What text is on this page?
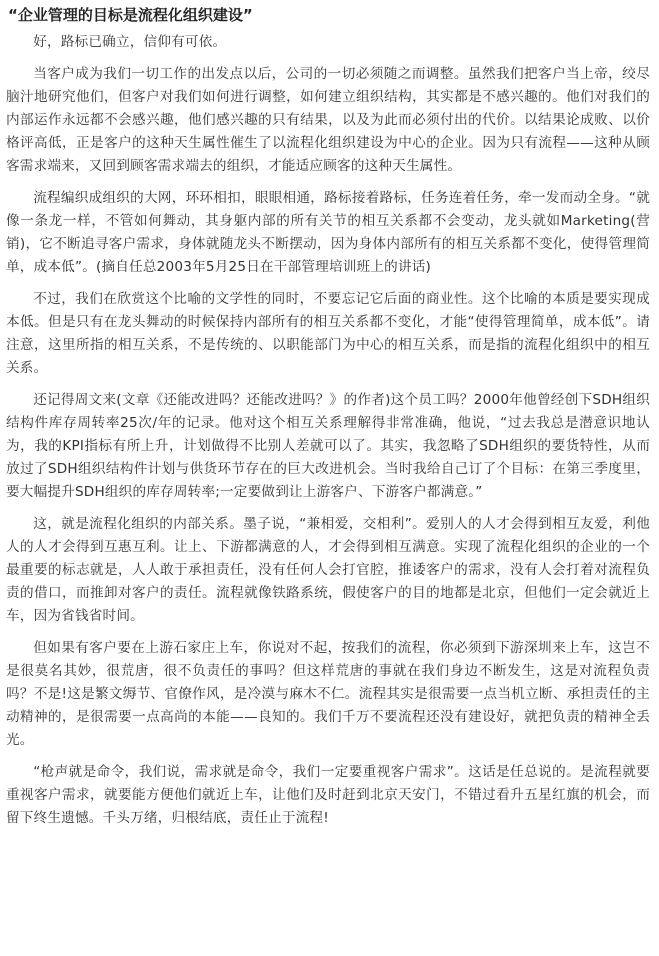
“企业管理的目标是流程化组织建设”

好，路标已确立，信仰有可依。

当客户成为我们一切工作的出发点以后，公司的一切必须随之而调整。虽然我们把客户当上帝，绞尽脑汁地研究他们，但客户对我们如何进行调整，如何建立组织结构，其实都是不感兴趣的。他们对我们的内部运作永远都不会感兴趣，他们感兴趣的只有结果，以及为此而必须付出的代价。以结果论成败、以价格评高低，正是客户的这种天生属性催生了以流程化组织建设为中心的企业。因为只有流程——这种从顾客需求端来，又回到顾客需求端去的组织，才能适应顾客的这种天生属性。

流程编织成组织的大网，环环相扣，眼眼相通，路标接着路标，任务连着任务，牵一发而动全身。“就像一条龙一样，不管如何舞动，其身躯内部的所有关节的相互关系都不会变动，龙头就如Marketing(营销)，它不断追寻客户需求，身体就随龙头不断摆动，因为身体内部所有的相互关系都不变化，使得管理简单，成本低”。(摘自任总2003年5月25日在干部管理培训班上的讲话)

不过，我们在欣赏这个比喻的文学性的同时，不要忘记它后面的商业性。这个比喻的本质是要实现成本低。但是只有在龙头舞动的时候保持内部所有的相互关系都不变化，才能“使得管理简单，成本低”。请注意，这里所指的相互关系，不是传统的、以职能部门为中心的相互关系，而是指的流程化组织中的相互关系。

还记得周文来(文章《还能改进吗？还能改进吗？》的作者)这个员工吗？2000年他曾经创下SDH组织结构件库存周转率25次/年的记录。他对这个相互关系理解得非常准确，他说，“过去我总是潜意识地认为，我的KPI指标有所上升，计划做得不比别人差就可以了。其实，我忽略了SDH组织的要货特性，从而放过了SDH组织结构件计划与供货环节存在的巨大改进机会。当时我给自己订了个目标：在第三季度里，要大幅提升SDH组织的库存周转率;一定要做到让上游客户、下游客户都满意。”

这，就是流程化组织的内部关系。墨子说，“兼相爱，交相利”。爱别人的人才会得到相互友爱，利他人的人才会得到互惠互利。让上、下游都满意的人，才会得到相互满意。实现了流程化组织的企业的一个最重要的标志就是，人人敢于承担责任，没有任何人会打官腔，推诿客户的需求，没有人会打着对流程负责的借口，而推卸对客户的责任。流程就像铁路系统，假使客户的目的地都是北京，但他们一定会就近上车，因为省钱省时间。

但如果有客户要在上游石家庄上车，你说对不起，按我们的流程，你必须到下游深圳来上车，这岂不是很莫名其妙，很荒唐，很不负责任的事吗？但这样荒唐的事就在我们身边不断发生，这是对流程负责吗？不是!这是繁文缛节、官僚作风，是冷漠与麻木不仁。流程其实是很需要一点当机立断、承担责任的主动精神的，是很需要一点高尚的本能——良知的。我们千万不要流程还没有建设好，就把负责的精神全丢光。

“枪声就是命令，我们说，需求就是命令，我们一定要重视客户需求”。这话是任总说的。是流程就要重视客户需求，就要能方便他们就近上车，让他们及时赶到北京天安门，不错过看升五星红旗的机会，而留下终生遗憾。千头万绪，归根结底，责任止于流程!
